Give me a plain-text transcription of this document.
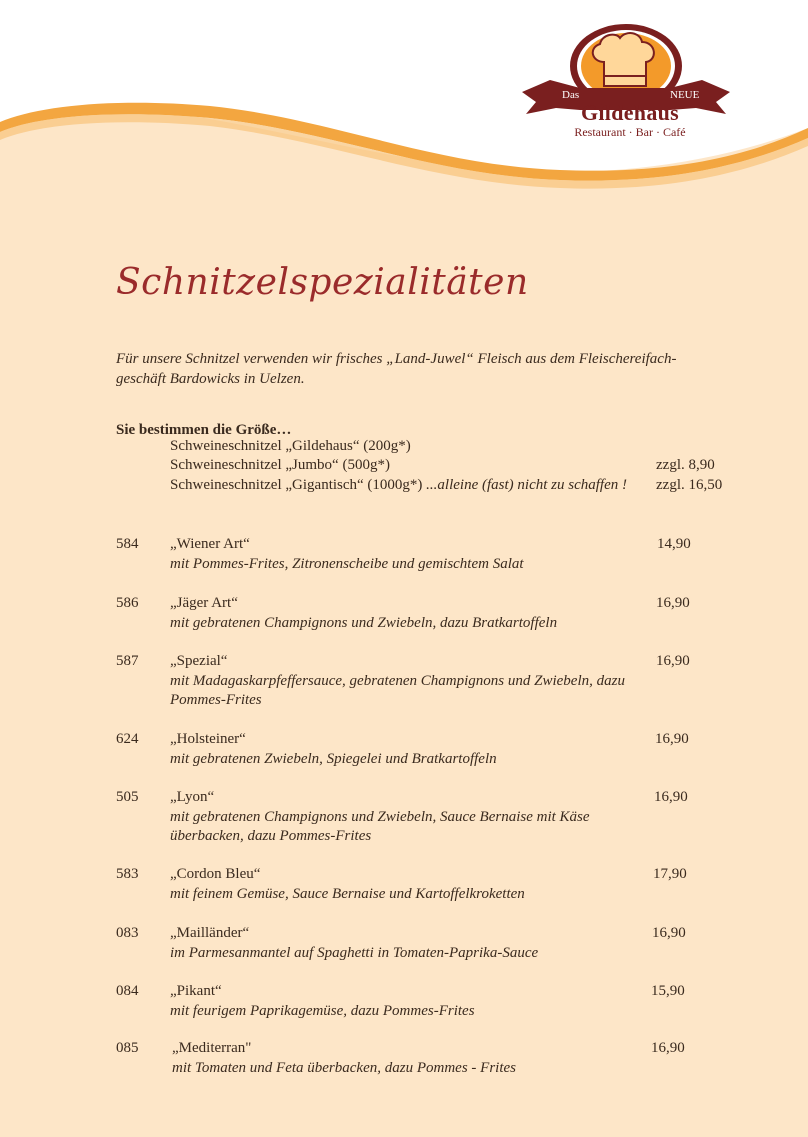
Das	NEUE
Gildehaus
Restaurant · Bar · Café
Schnitzelspezialitäten
Für unsere Schnitzel verwenden wir frisches „Land-Juwel“ Fleisch aus dem Fleischereifach-geschäft Bardowicks in Uelzen.
Sie bestimmen die Größe…
Schweineschnitzel „Gildehaus“ (200g*)
Schweineschnitzel „Jumbo“ (500g*)	zzgl. 8,90
Schweineschnitzel „Gigantisch“ (1000g*) ...alleine (fast) nicht zu schaffen ! zzgl. 16,50
584 „Wiener Art“	14,90
mit Pommes-Frites, Zitronenscheibe und gemischtem Salat
586 „Jäger Art“	16,90
mit gebratenen Champignons und Zwiebeln, dazu Bratkartoffeln
587 „Spezial“	16,90
mit Madagaskarpfeffersauce, gebratenen Champignons und Zwiebeln, dazu Pommes-Frites
624 „Holsteiner“	16,90
mit gebratenen Zwiebeln, Spiegelei und Bratkartoffeln
505 „Lyon“	16,90
mit gebratenen Champignons und Zwiebeln, Sauce Bernaise mit Käse überbacken, dazu Pommes-Frites
583 „Cordon Bleu“	17,90
mit feinem Gemüse, Sauce Bernaise und Kartoffelkroketten
083 „Mailländer“	16,90
im Parmesanmantel auf Spaghetti in Tomaten-Paprika-Sauce
084 „Pikant“	15,90
mit feurigem Paprikagemüse, dazu Pommes-Frites
085 „Mediterran"	16,90
mit Tomaten und Feta überbacken, dazu Pommes - Frites
